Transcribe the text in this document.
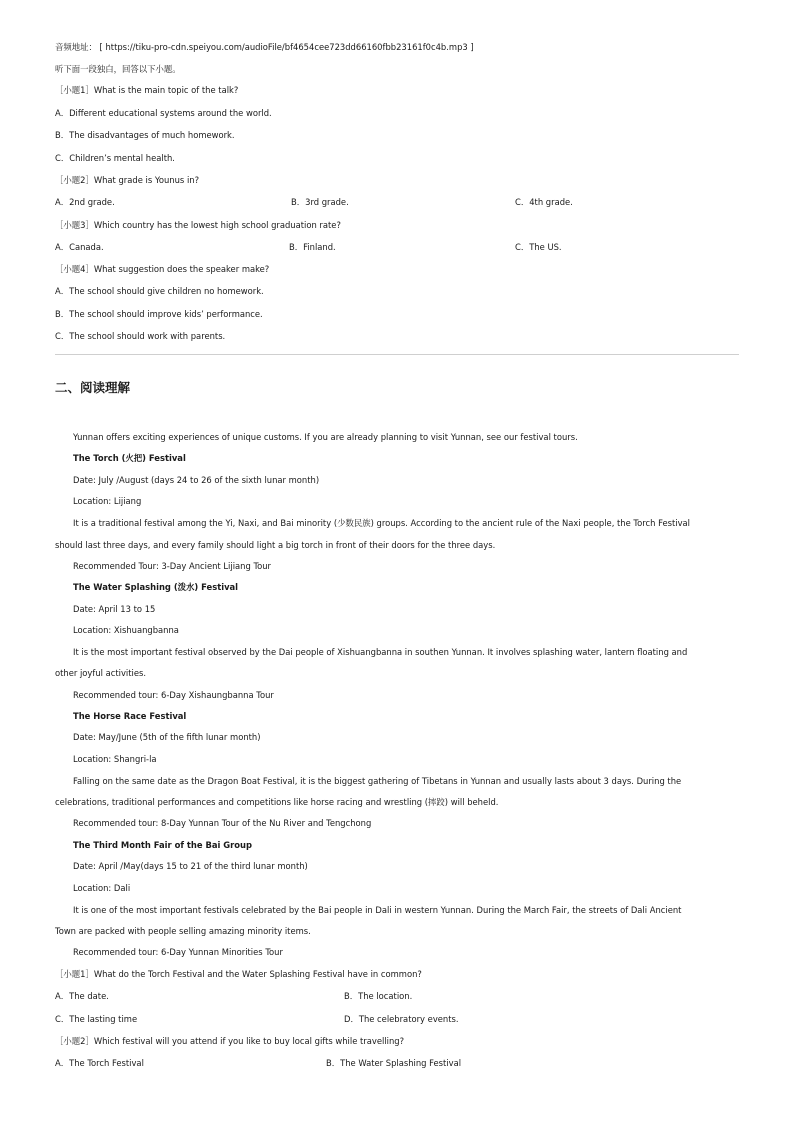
音频地址： [ https://tiku-pro-cdn.speiyou.com/audioFile/bf4654cee723dd66160fbb23161f0c4b.mp3 ]
听下面一段独白，回答以下小题。
［小题1］What is the main topic of the talk?
A．Different educational systems around the world.
B．The disadvantages of much homework.
C．Children’s mental health.
［小题2］What grade is Younus in?
A．2nd grade.	B．3rd grade.	C．4th grade.
［小题3］Which country has the lowest high school graduation rate?
A．Canada.	B．Finland.	C．The US.
［小题4］What suggestion does the speaker make?
A．The school should give children no homework.
B．The school should improve kids’ performance.
C．The school should work with parents.
二、阅读理解
Yunnan offers exciting experiences of unique customs. If you are already planning to visit Yunnan, see our festival tours.
The Torch (火把) Festival
Date: July /August (days 24 to 26 of the sixth lunar month)
Location: Lijiang
It is a traditional festival among the Yi, Naxi, and Bai minority (少数民族) groups. According to the ancient rule of the Naxi people, the Torch Festival
should last three days, and every family should light a big torch in front of their doors for the three days.
Recommended Tour: 3-Day Ancient Lijiang Tour
The Water Splashing (泼水) Festival
Date: April 13 to 15
Location: Xishuangbanna
It is the most important festival observed by the Dai people of Xishuangbanna in southen Yunnan. It involves splashing water, lantern floating and
other joyful activities.
Recommended tour: 6-Day Xishaungbanna Tour
The Horse Race Festival
Date: May/June (5th of the fifth lunar month)
Location: Shangri-la
Falling on the same date as the Dragon Boat Festival, it is the biggest gathering of Tibetans in Yunnan and usually lasts about 3 days. During the
celebrations, traditional performances and competitions like horse racing and wrestling (摔跤) will beheld.
Recommended tour: 8-Day Yunnan Tour of the Nu River and Tengchong
The Third Month Fair of the Bai Group
Date: April /May(days 15 to 21 of the third lunar month)
Location: Dali
It is one of the most important festivals celebrated by the Bai people in Dali in western Yunnan. During the March Fair, the streets of Dali Ancient
Town are packed with people selling amazing minority items.
Recommended tour: 6-Day Yunnan Minorities Tour
［小题1］What do the Torch Festival and the Water Splashing Festival have in common?
A．The date.	B．The location.
C．The lasting time	D．The celebratory events.
［小题2］Which festival will you attend if you like to buy local gifts while travelling?
A．The Torch Festival	B．The Water Splashing Festival
